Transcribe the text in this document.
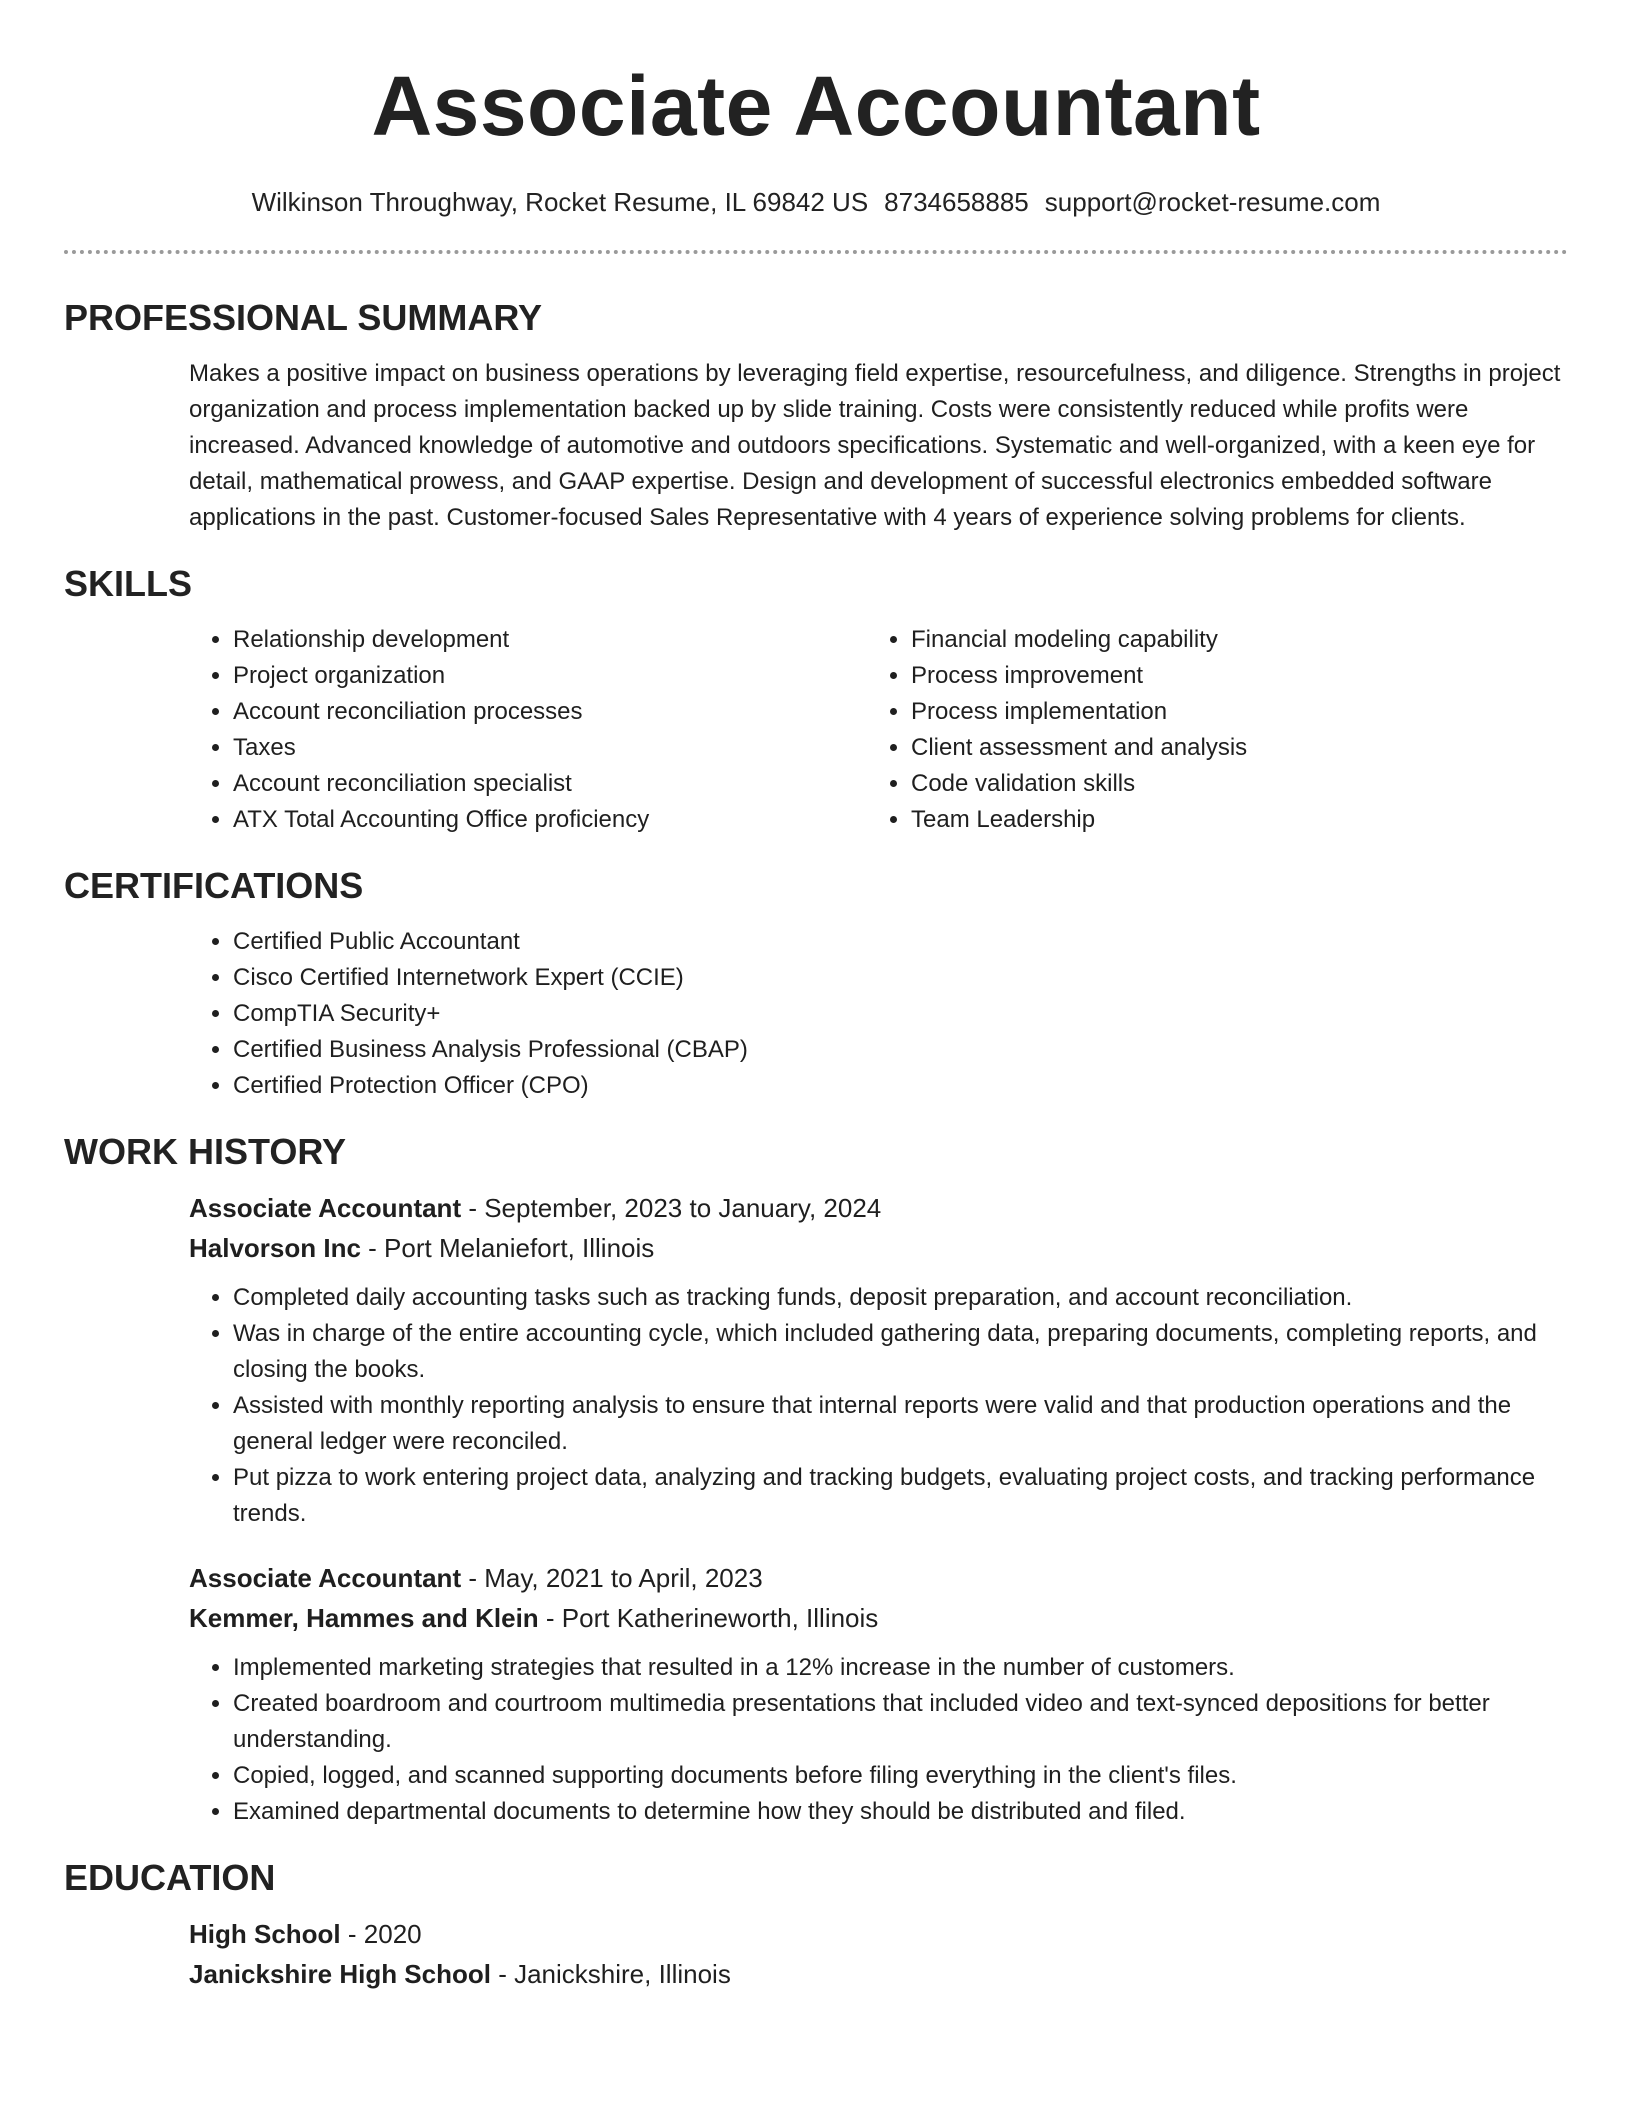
Associate Accountant
Wilkinson Throughway, Rocket Resume, IL 69842 US 8734658885 support@rocket-resume.com
PROFESSIONAL SUMMARY

Makes a positive impact on business operations by leveraging field expertise, resourcefulness, and diligence. Strengths in project organization and process implementation backed up by slide training. Costs were consistently reduced while profits were increased. Advanced knowledge of automotive and outdoors specifications. Systematic and well-organized, with a keen eye for detail, mathematical prowess, and GAAP expertise. Design and development of successful electronics embedded software applications in the past. Customer-focused Sales Representative with 4 years of experience solving problems for clients.

SKILLS
• Relationship development
• Project organization
• Account reconciliation processes
• Taxes
• Account reconciliation specialist
• ATX Total Accounting Office proficiency
• Financial modeling capability
• Process improvement
• Process implementation
• Client assessment and analysis
• Code validation skills
• Team Leadership
CERTIFICATIONS
• Certified Public Accountant
• Cisco Certified Internetwork Expert (CCIE)
• CompTIA Security+
• Certified Business Analysis Professional (CBAP)
• Certified Protection Officer (CPO)
WORK HISTORY
Associate Accountant - September, 2023 to January, 2024
Halvorson Inc - Port Melaniefort, Illinois
• Completed daily accounting tasks such as tracking funds, deposit preparation, and account reconciliation.
• Was in charge of the entire accounting cycle, which included gathering data, preparing documents, completing reports, and closing the books.
• Assisted with monthly reporting analysis to ensure that internal reports were valid and that production operations and the general ledger were reconciled.
• Put pizza to work entering project data, analyzing and tracking budgets, evaluating project costs, and tracking performance trends.
Associate Accountant - May, 2021 to April, 2023
Kemmer, Hammes and Klein - Port Katherineworth, Illinois
• Implemented marketing strategies that resulted in a 12% increase in the number of customers.
• Created boardroom and courtroom multimedia presentations that included video and text-synced depositions for better understanding.
• Copied, logged, and scanned supporting documents before filing everything in the client's files.
• Examined departmental documents to determine how they should be distributed and filed.
EDUCATION
High School - 2020
Janickshire High School - Janickshire, Illinois
